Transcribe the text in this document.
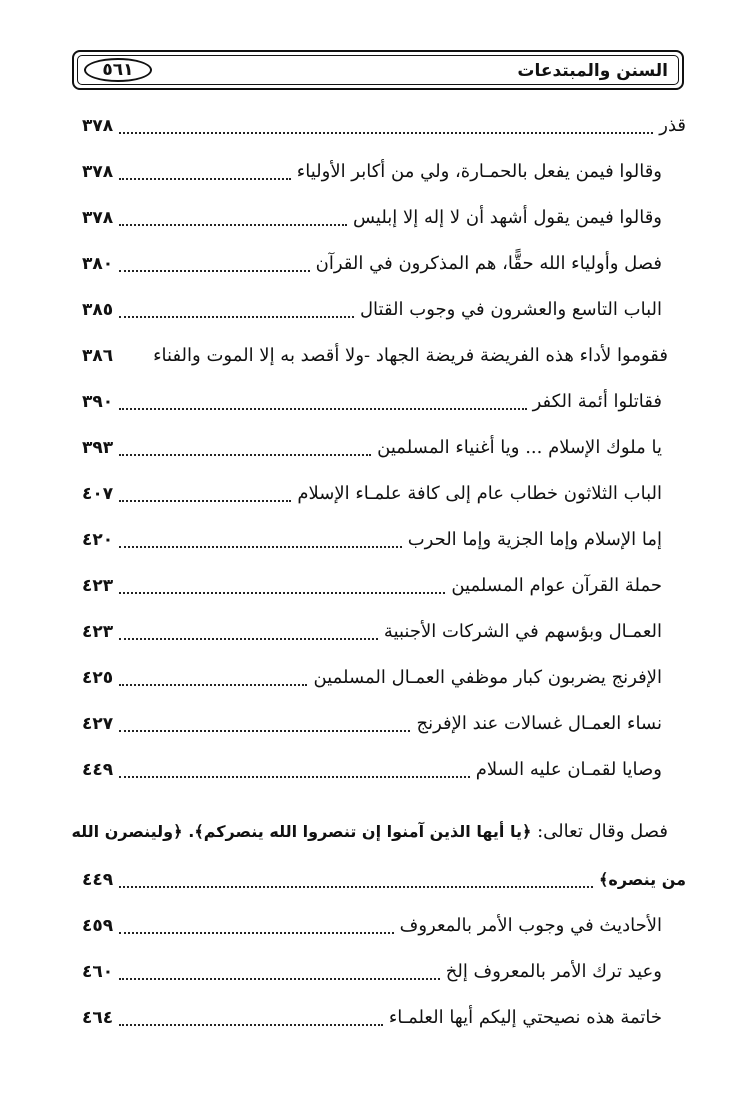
٥٦١	السنن والمبتدعات
قذر
٣٧٨
وقالوا فيمن يفعل بالحمـارة، ولي من أكابر الأولياء
٣٧٨
وقالوا فيمن يقول أشهد أن لا إله إلا إبليس
٣٧٨
فصل وأولياء الله حقًّا، هم المذكرون في القرآن
٣٨٠
الباب التاسع والعشرون في وجوب القتال
٣٨٥
فقوموا لأداء هذه الفريضة فريضة الجهاد -ولا أقصد به إلا الموت والفناء
٣٨٦
فقاتلوا أئمة الكفر
٣٩٠
يا ملوك الإسلام ... ويا أغنياء المسلمين
٣٩٣
الباب الثلاثون خطاب عام إلى كافة علمـاء الإسلام
٤٠٧
إما الإسلام وإما الجزية وإما الحرب
٤٢٠
حملة القرآن عوام المسلمين
٤٢٣
العمـال وبؤسهم في الشركات الأجنبية
٤٢٣
الإفرنج يضربون كبار موظفي العمـال المسلمين
٤٢٥
نساء العمـال غسالات عند الإفرنج
٤٢٧
وصايا لقمـان عليه السلام
٤٤٩
فصل وقال تعالى: ﴿يا أيها الذين آمنوا إن تنصروا الله ينصركم﴾. ﴿ولينصرن الله
من ينصره﴾
٤٤٩
الأحاديث في وجوب الأمر بالمعروف
٤٥٩
وعيد ترك الأمر بالمعروف إلخ
٤٦٠
خاتمة هذه نصيحتي إليكم أيها العلمـاء
٤٦٤
